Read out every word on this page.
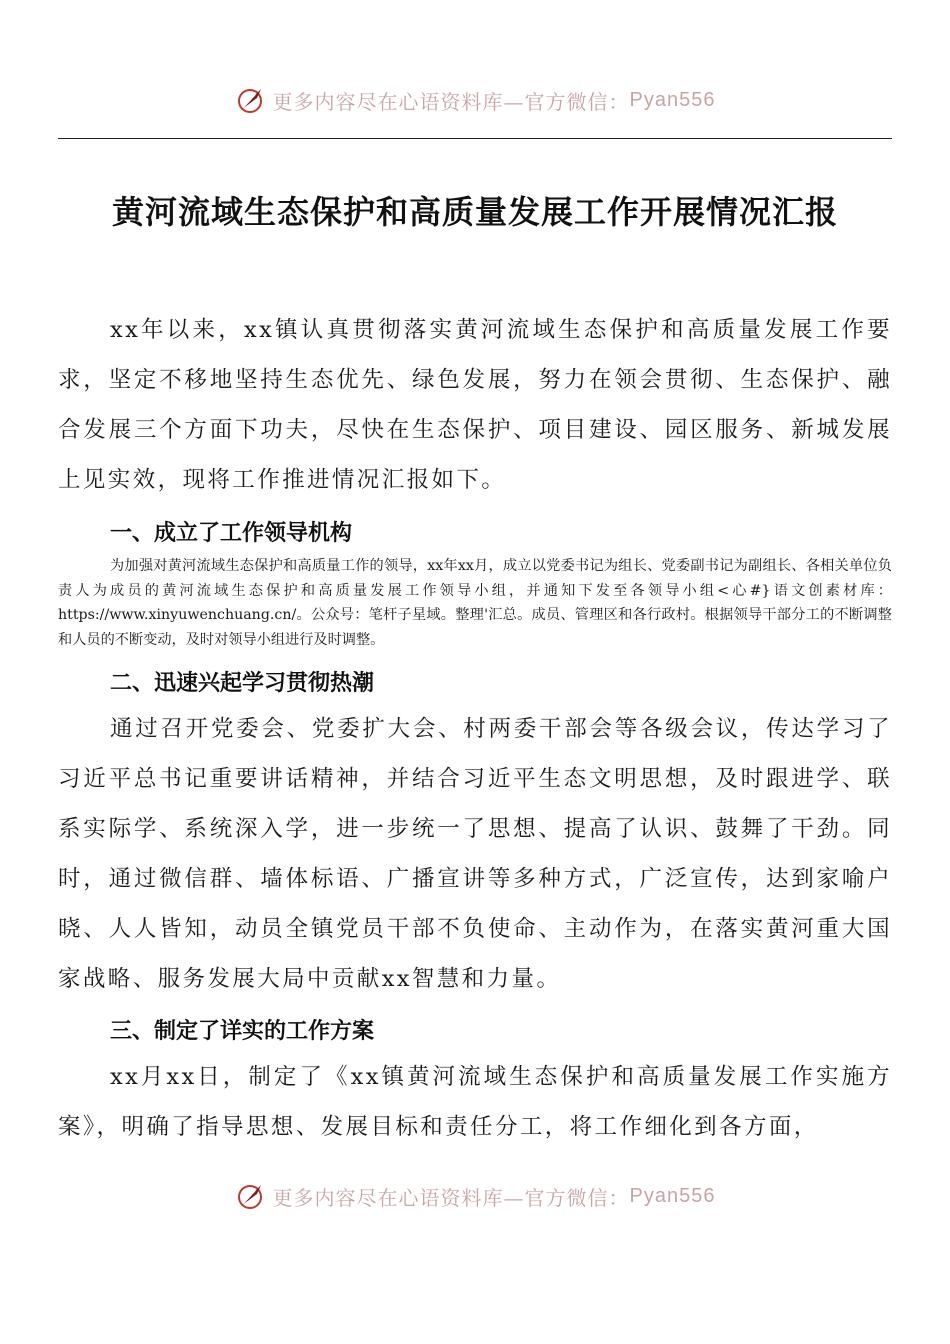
更多内容尽在心语资料库—官方微信： Pyan556
黄河流域生态保护和高质量发展工作开展情况汇报

xx年以来，xx镇认真贯彻落实黄河流域生态保护和高质量发展工作要求，坚定不移地坚持生态优先、绿色发展，努力在领会贯彻、生态保护、融合发展三个方面下功夫，尽快在生态保护、项目建设、园区服务、新城发展上见实效，现将工作推进情况汇报如下。

一、成立了工作领导机构

为加强对黄河流域生态保护和高质量工作的领导，xx年xx月，成立以党委书记为组长、党委副书记为副组长、各相关单位负责人为成员的黄河流域生态保护和高质量发展工作领导小组，并通知下发至各领导小组<心#}语文创素材库：https://www.xinyuwenchuang.cn/。公众号：笔杆子星域。整理'汇总。成员、管理区和各行政村。根据领导干部分工的不断调整和人员的不断变动，及时对领导小组进行及时调整。

二、迅速兴起学习贯彻热潮

通过召开党委会、党委扩大会、村两委干部会等各级会议，传达学习了习近平总书记重要讲话精神，并结合习近平生态文明思想，及时跟进学、联系实际学、系统深入学，进一步统一了思想、提高了认识、鼓舞了干劲。同时，通过微信群、墙体标语、广播宣讲等多种方式，广泛宣传，达到家喻户晓、人人皆知，动员全镇党员干部不负使命、主动作为，在落实黄河重大国家战略、服务发展大局中贡献xx智慧和力量。

三、制定了详实的工作方案

xx月xx日，制定了《xx镇黄河流域生态保护和高质量发展工作实施方案》，明确了指导思想、发展目标和责任分工，将工作细化到各方面，

更多内容尽在心语资料库—官方微信： Pyan556
